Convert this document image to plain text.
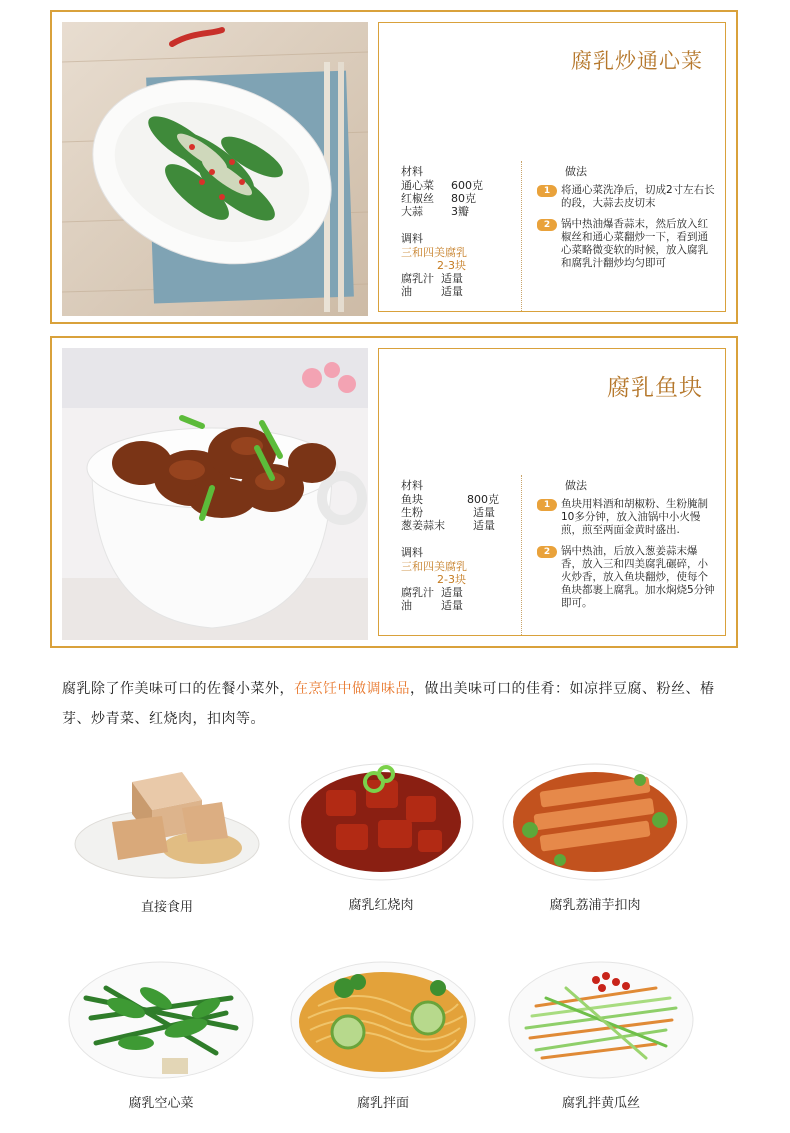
腐乳炒通心菜
材料
通心菜	600克
红椒丝	80克
大蒜	3瓣
调料
三和四美腐乳
2-3块
腐乳汁 适量
油	适量
做法
1	将通心菜洗净后，切成2寸左右长的段，大蒜去皮切末
2	锅中热油爆香蒜末，然后放入红椒丝和通心菜翻炒一下，看到通心菜略微变软的时候，放入腐乳和腐乳汁翻炒均匀即可
腐乳鱼块
材料
鱼块	800克
生粉	适量
葱姜蒜末	适量
调料
三和四美腐乳
2-3块
腐乳汁 适量
油	适量
做法
1	鱼块用料酒和胡椒粉、生粉腌制10多分钟，放入油锅中小火慢煎，煎至两面金黄时盛出.
2	锅中热油，后放入葱姜蒜末爆香，放入三和四美腐乳碾碎，小火炒香，放入鱼块翻炒，使每个鱼块都裹上腐乳。加水焖烧5分钟即可。
腐乳除了作美味可口的佐餐小菜外，在烹饪中做调味品，做出美味可口的佳肴：如凉拌豆腐、粉丝、椿芽、炒青菜、红烧肉，扣肉等。
直接食用	腐乳红烧肉	腐乳荔浦芋扣肉
腐乳空心菜	腐乳拌面	腐乳拌黄瓜丝
